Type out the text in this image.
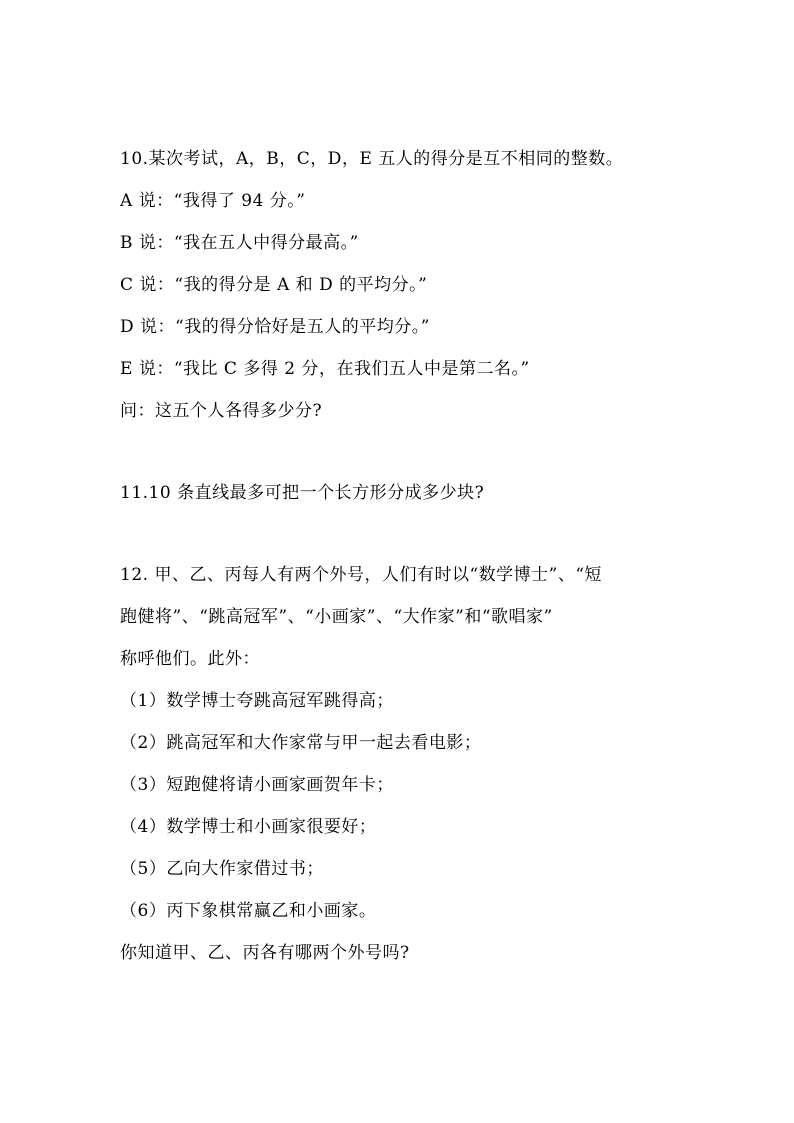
10.某次考试，A，B，C，D，E 五人的得分是互不相同的整数。
A 说：“我得了 94 分。”
B 说：“我在五人中得分最高。”
C 说：“我的得分是 A 和 D 的平均分。”
D 说：“我的得分恰好是五人的平均分。”
E 说：“我比 C 多得 2 分，在我们五人中是第二名。”
问：这五个人各得多少分?
11.10 条直线最多可把一个长方形分成多少块?
12. 甲、乙、丙每人有两个外号，人们有时以“数学博士”、“短
跑健将”、“跳高冠军”、“小画家”、“大作家”和“歌唱家”
称呼他们。此外：
（1）数学博士夸跳高冠军跳得高；
（2）跳高冠军和大作家常与甲一起去看电影；
（3）短跑健将请小画家画贺年卡；
（4）数学博士和小画家很要好；
（5）乙向大作家借过书；
（6）丙下象棋常赢乙和小画家。
你知道甲、乙、丙各有哪两个外号吗?
